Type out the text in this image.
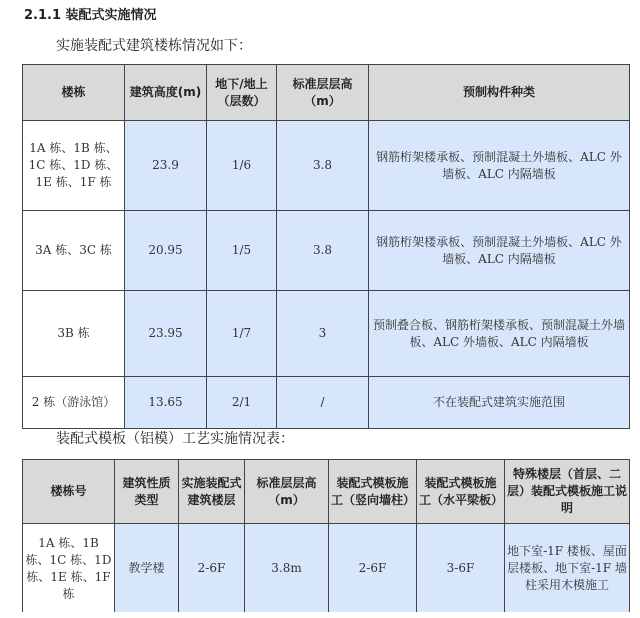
2.1.1 装配式实施情况
实施装配式建筑楼栋情况如下：
楼栋	建筑高度(m)	地下/地上（层数）	标准层层高（m）	预制构件种类
1A 栋、1B 栋、1C 栋、1D 栋、1E 栋、1F 栋	23.9	1/6	3.8	钢筋桁架楼承板、预制混凝土外墙板、ALC 外墙板、ALC 内隔墙板
3A 栋、3C 栋	20.95	1/5	3.8	钢筋桁架楼承板、预制混凝土外墙板、ALC 外墙板、ALC 内隔墙板
3B 栋	23.95	1/7	3	预制叠合板、钢筋桁架楼承板、预制混凝土外墙板、ALC 外墙板、ALC 内隔墙板
2 栋（游泳馆）	13.65	2/1	/	不在装配式建筑实施范围
装配式模板（铝模）工艺实施情况表：
楼栋号	建筑性质类型	实施装配式建筑楼层	标准层层高（m）	装配式模板施工（竖向墙柱）	装配式模板施工（水平梁板）	特殊楼层（首层、二层）装配式模板施工说明
1A 栋、1B 栋、1C 栋、1D 栋、1E 栋、1F 栋	教学楼	2-6F	3.8m	2-6F	3-6F	地下室-1F 楼板、屋面层楼板、地下室-1F 墙柱采用木模施工
